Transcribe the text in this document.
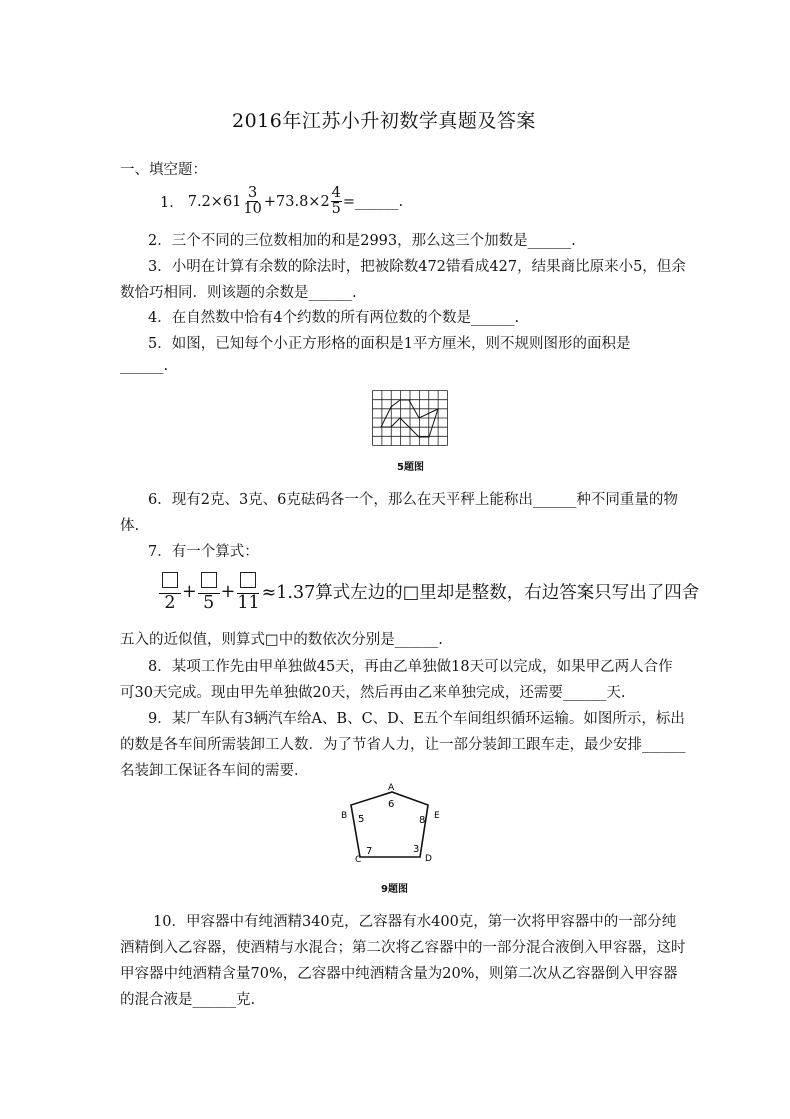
2016年江苏小升初数学真题及答案
一、填空题：
1． $7.2\times 61 \frac{3}{10} +73.8\times 2 \frac{4}{5}$ =______.
2．三个不同的三位数相加的和是2993，那么这三个加数是______.
3．小明在计算有余数的除法时，把被除数472错看成427，结果商比原来小5，但余
数恰巧相同．则该题的余数是______.
4．在自然数中恰有4个约数的所有两位数的个数是______.
5．如图，已知每个小正方形格的面积是1平方厘米，则不规则图形的面积是
______.
5题图
6．现有2克、3克、6克砝码各一个，那么在天平秤上能称出______种不同重量的物
体.
7．有一个算式：
2
+
5
+
11 ≈1.37算式左边的□里却是整数，右边答案只写出了四舍
五入的近似值，则算式□中的数依次分别是______.
8．某项工作先由甲单独做45天，再由乙单独做18天可以完成，如果甲乙两人合作
可30天完成。现由甲先单独做20天，然后再由乙来单独完成，还需要______天.
9．某厂车队有3辆汽车给A、B、C、D、E五个车间组织循环运输。如图所示，标出
的数是各车间所需装卸工人数．为了节省人力，让一部分装卸工跟车走，最少安排______
名装卸工保证各车间的需要．
A
6
E
8
D
3
C
7
B 5
9题图
10．甲容器中有纯酒精340克，乙容器有水400克，第一次将甲容器中的一部分纯
酒精倒入乙容器，使酒精与水混合；第二次将乙容器中的一部分混合液倒入甲容器，这时
甲容器中纯酒精含量70%，乙容器中纯酒精含量为20%，则第二次从乙容器倒入甲容器
的混合液是______克.
